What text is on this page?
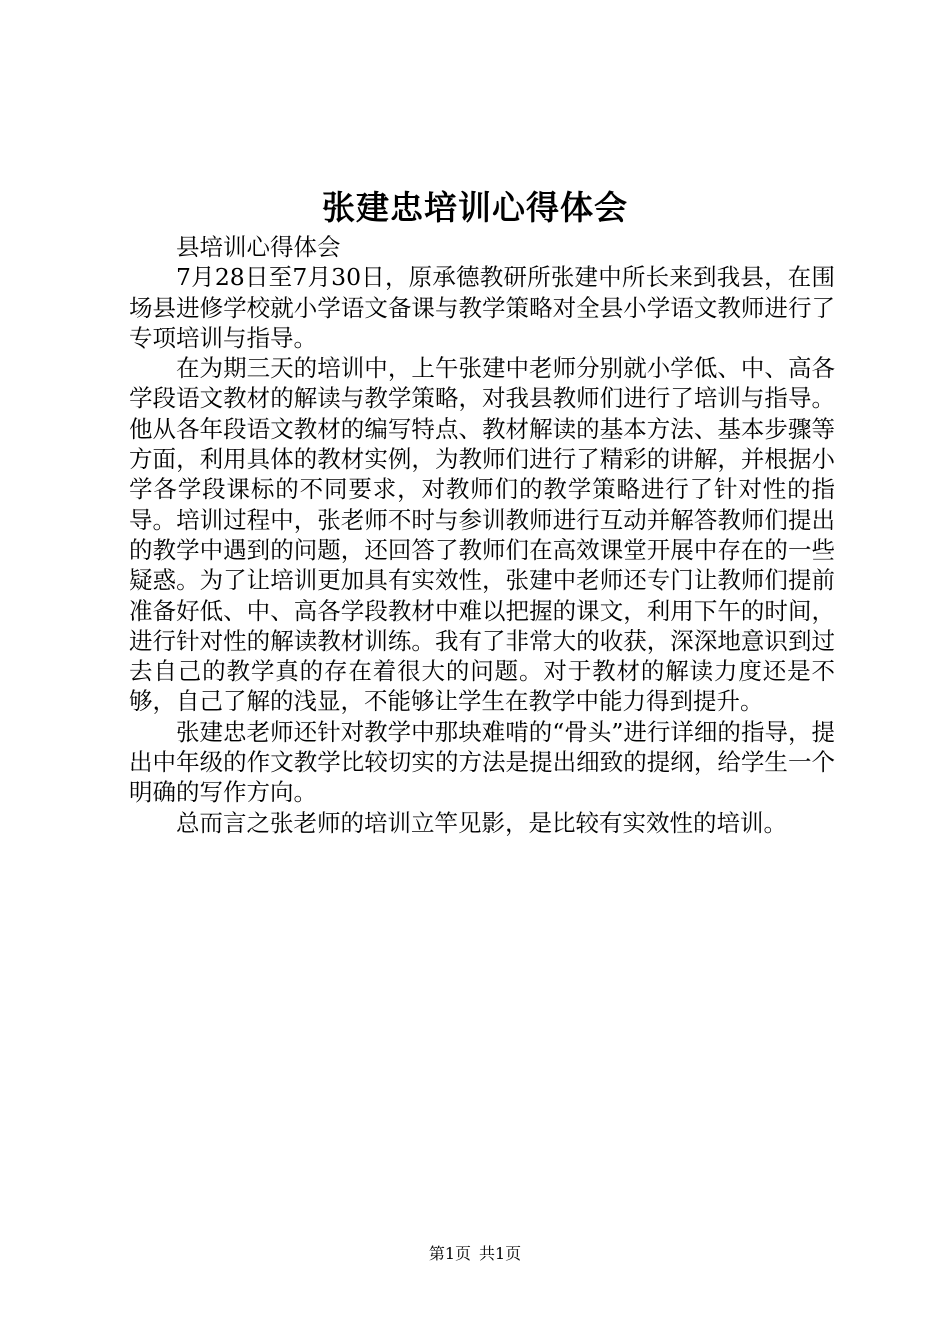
张建忠培训心得体会

县培训心得体会

7月28日至7月30日，原承德教研所张建中所长来到我县，在围场县进修学校就小学语文备课与教学策略对全县小学语文教师进行了专项培训与指导。

在为期三天的培训中，上午张建中老师分别就小学低、中、高各学段语文教材的解读与教学策略，对我县教师们进行了培训与指导。他从各年段语文教材的编写特点、教材解读的基本方法、基本步骤等方面，利用具体的教材实例，为教师们进行了精彩的讲解，并根据小学各学段课标的不同要求，对教师们的教学策略进行了针对性的指导。培训过程中，张老师不时与参训教师进行互动并解答教师们提出的教学中遇到的问题，还回答了教师们在高效课堂开展中存在的一些疑惑。为了让培训更加具有实效性，张建中老师还专门让教师们提前准备好低、中、高各学段教材中难以把握的课文，利用下午的时间，进行针对性的解读教材训练。我有了非常大的收获，深深地意识到过去自己的教学真的存在着很大的问题。对于教材的解读力度还是不够，自己了解的浅显，不能够让学生在教学中能力得到提升。

张建忠老师还针对教学中那块难啃的“骨头”进行详细的指导，提出中年级的作文教学比较切实的方法是提出细致的提纲，给学生一个明确的写作方向。

总而言之张老师的培训立竿见影，是比较有实效性的培训。

第1页 共1页
